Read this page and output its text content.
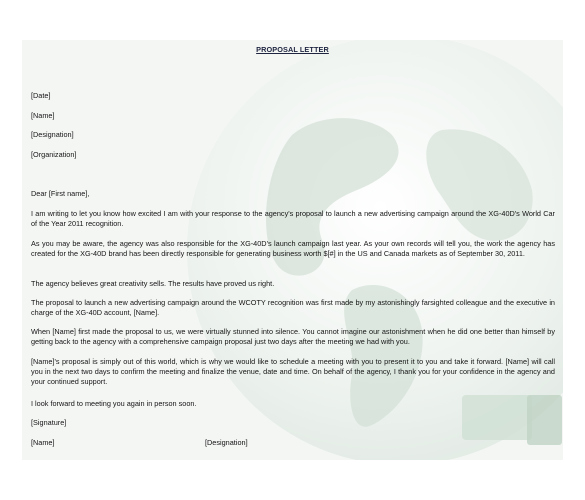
PROPOSAL LETTER
[Date]
[Name]
[Designation]
[Organization]
Dear [First name],
I am writing to let you know how excited I am with your response to the agency's proposal to launch a new advertising campaign around the XG-40D's World Car of the Year 2011 recognition.
As you may be aware, the agency was also responsible for the XG-40D's launch campaign last year. As your own records will tell you, the work the agency has created for the XG-40D brand has been directly responsible for generating business worth $[#] in the US and Canada markets as of September 30, 2011.
The agency believes great creativity sells. The results have proved us right.
The proposal to launch a new advertising campaign around the WCOTY recognition was first made by my astonishingly farsighted colleague and the executive in charge of the XG-40D account, [Name].
When [Name] first made the proposal to us, we were virtually stunned into silence. You cannot imagine our astonishment when he did one better than himself by getting back to the agency with a comprehensive campaign proposal just two days after the meeting we had with you.
[Name]'s proposal is simply out of this world, which is why we would like to schedule a meeting with you to present it to you and take it forward. [Name] will call you in the next two days to confirm the meeting and finalize the venue, date and time. On behalf of the agency, I thank you for your confidence in the agency and your continued support.
I look forward to meeting you again in person soon.
[Signature]
[Name]	[Designation]
